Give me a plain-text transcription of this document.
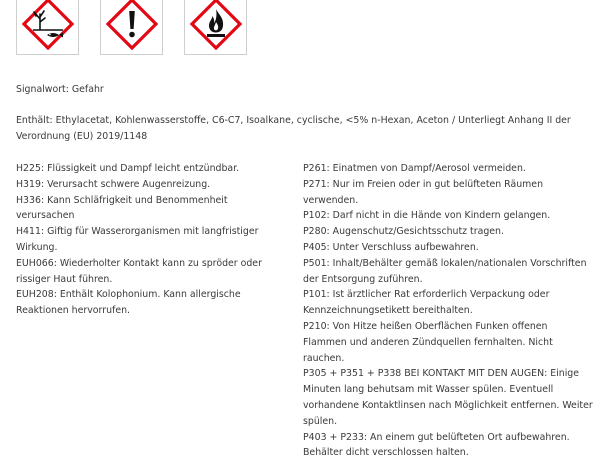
Signalwort: Gefahr
Enthält: Ethylacetat, Kohlenwasserstoffe, C6-C7, Isoalkane, cyclische, <5% n-Hexan, Aceton / Unterliegt Anhang II der Verordnung (EU) 2019/1148

H225: Flüssigkeit und Dampf leicht entzündbar.

H319: Verursacht schwere Augenreizung.

H336: Kann Schläfrigkeit und Benommenheit verursachen

H411: Giftig für Wasserorganismen mit langfristiger Wirkung.

EUH066: Wiederholter Kontakt kann zu spröder oder rissiger Haut führen.

EUH208: Enthält Kolophonium. Kann allergische Reaktionen hervorrufen.

P261: Einatmen von Dampf/Aerosol vermeiden.

P271: Nur im Freien oder in gut belüfteten Räumen verwenden.

P102: Darf nicht in die Hände von Kindern gelangen.

P280: Augenschutz/Gesichtsschutz tragen.

P405: Unter Verschluss aufbewahren.

P501: Inhalt/Behälter gemäß lokalen/nationalen Vorschriften der Entsorgung zuführen.

P101: Ist ärztlicher Rat erforderlich Verpackung oder Kennzeichnungsetikett bereithalten.

P210: Von Hitze heißen Oberflächen Funken offenen Flammen und anderen Zündquellen fernhalten. Nicht rauchen.

P305 + P351 + P338 BEI KONTAKT MIT DEN AUGEN: Einige Minuten lang behutsam mit Wasser spülen. Eventuell vorhandene Kontaktlinsen nach Möglichkeit entfernen. Weiter spülen.

P403 + P233: An einem gut belüfteten Ort aufbewahren. Behälter dicht verschlossen halten.
